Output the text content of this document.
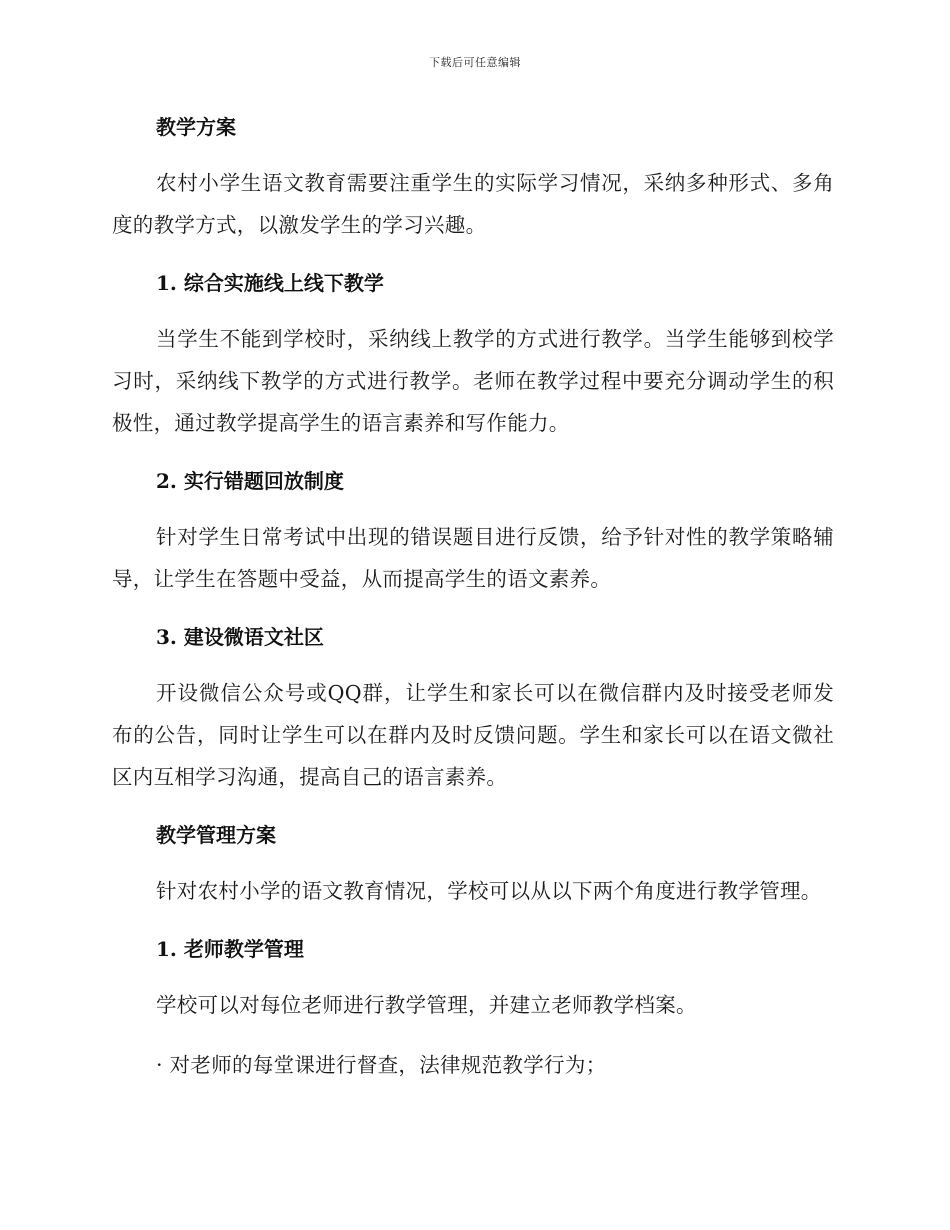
下载后可任意编辑

教学方案

农村小学生语文教育需要注重学生的实际学习情况，采纳多种形式、多角度的教学方式，以激发学生的学习兴趣。

1. 综合实施线上线下教学

当学生不能到学校时，采纳线上教学的方式进行教学。当学生能够到校学习时，采纳线下教学的方式进行教学。老师在教学过程中要充分调动学生的积极性，通过教学提高学生的语言素养和写作能力。

2. 实行错题回放制度

针对学生日常考试中出现的错误题目进行反馈，给予针对性的教学策略辅导，让学生在答题中受益，从而提高学生的语文素养。

3. 建设微语文社区

开设微信公众号或QQ群，让学生和家长可以在微信群内及时接受老师发布的公告，同时让学生可以在群内及时反馈问题。学生和家长可以在语文微社区内互相学习沟通，提高自己的语言素养。

教学管理方案

针对农村小学的语文教育情况，学校可以从以下两个角度进行教学管理。

1. 老师教学管理

学校可以对每位老师进行教学管理，并建立老师教学档案。

· 对老师的每堂课进行督查，法律规范教学行为；
